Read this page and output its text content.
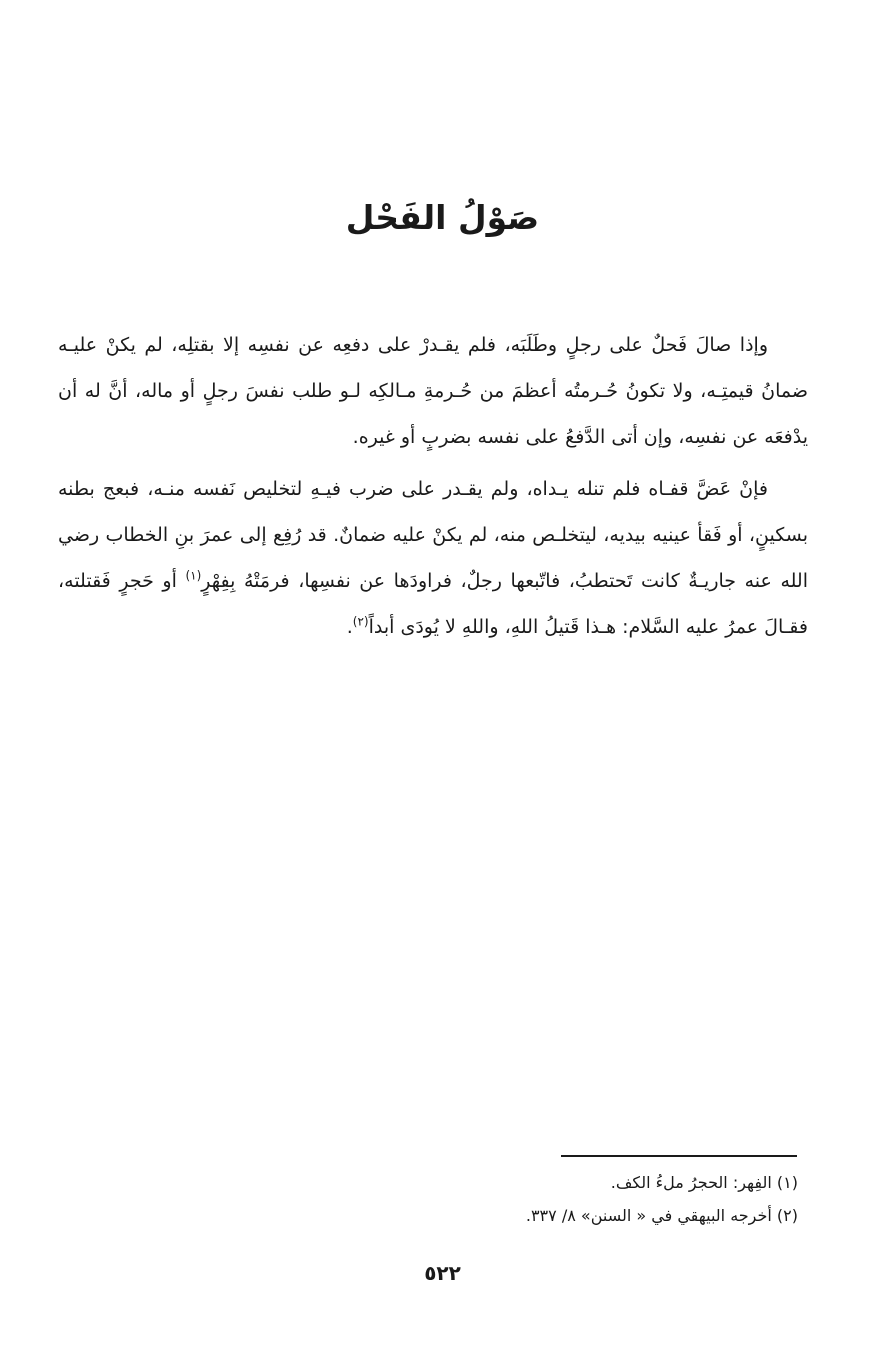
صَوْلُ الفَحْل

وإذا صالَ فَحلٌ على رجلٍ وطَلَبَه، فلم يقـدرْ على دفعِه عن نفسِه إلا بقتلِه، لم يكنْ عليـه ضمانُ قيمتِـه، ولا تكونُ حُـرمتُه أعظمَ من حُـرمةِ مـالكِه لـو طلب نفسَ رجلٍ أو ماله، أنَّ له أن يدْفعَه عن نفسِه، وإن أتى الدَّفعُ على نفسه بضربٍ أو غيره.

فإنْ عَضَّ قفـاه فلم تنله يـداه، ولم يقـدر على ضرب فيـهِ لتخليص نَفسه منـه، فبعج بطنه بسكينٍ، أو فَقأ عينيه بيديه، ليتخلـص منه، لم يكنْ عليه ضمانٌ. قد رُفِع إلى عمرَ بنِ الخطاب رضي الله عنه جاريـةٌ كانت تَحتطبُ، فاتّبعها رجلٌ، فراودَها عن نفسِها، فرمَتْهُ بِفِهْرٍ$^{(١)}$ أو حَجرٍ فَقتلته، فقـالَ عمرُ عليه السَّلام: هـذا قَتيلُ اللهِ، واللهِ لا يُودَى أبداً$^{(٢)}$.

(١) الفِهر: الحجرُ ملءُ الكف.

(٢) أخرجه البيهقي في « السنن» ٨/ ٣٣٧.

٥٢٢
